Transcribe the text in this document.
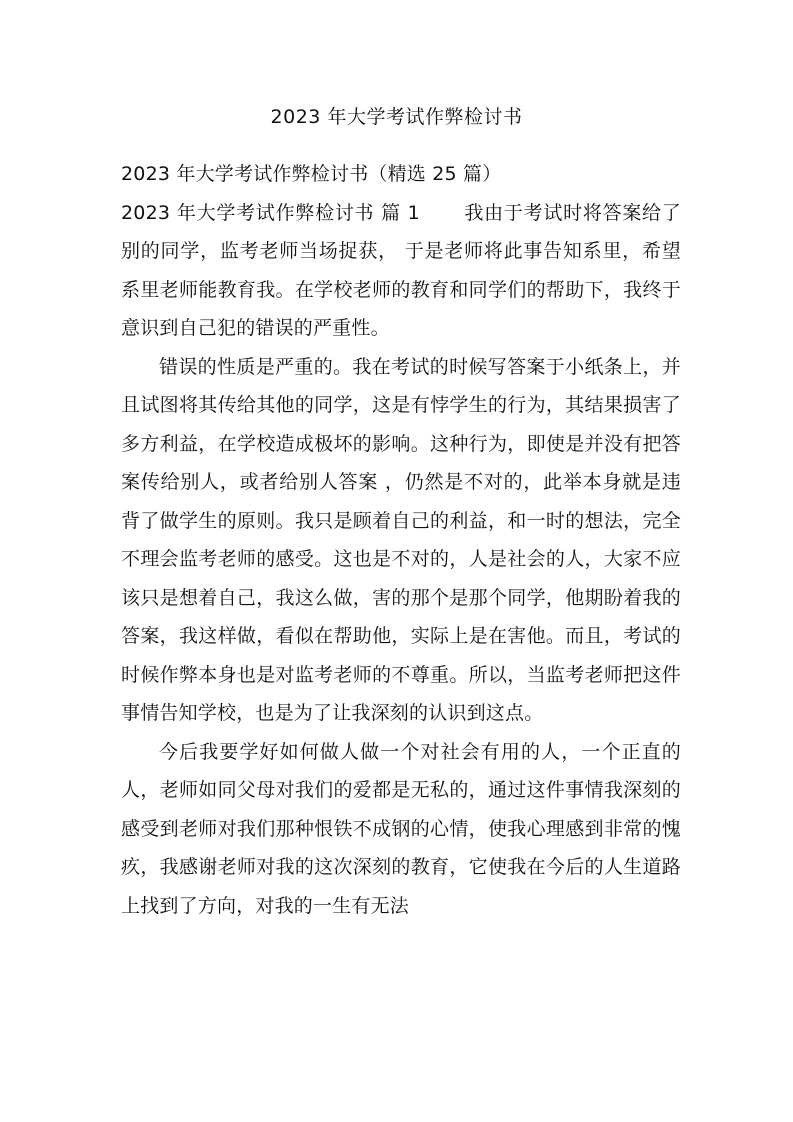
2023 年大学考试作弊检讨书

2023 年大学考试作弊检讨书（精选 25 篇）

2023 年大学考试作弊检讨书 篇 1 我由于考试时将答案给了别的同学，监考老师当场捉获， 于是老师将此事告知系里，希望系里老师能教育我。在学校老师的教育和同学们的帮助下，我终于意识到自己犯的错误的严重性。

错误的性质是严重的。我在考试的时候写答案于小纸条上，并且试图将其传给其他的同学，这是有悖学生的行为，其结果损害了多方利益，在学校造成极坏的影响。这种行为，即使是并没有把答案传给别人，或者给别人答案 ，仍然是不对的，此举本身就是违背了做学生的原则。我只是顾着自己的利益，和一时的想法，完全不理会监考老师的感受。这也是不对的，人是社会的人，大家不应该只是想着自己，我这么做，害的那个是那个同学，他期盼着我的答案，我这样做，看似在帮助他，实际上是在害他。而且，考试的时候作弊本身也是对监考老师的不尊重。所以，当监考老师把这件事情告知学校，也是为了让我深刻的认识到这点。

今后我要学好如何做人做一个对社会有用的人，一个正直的人，老师如同父母对我们的爱都是无私的，通过这件事情我深刻的感受到老师对我们那种恨铁不成钢的心情，使我心理感到非常的愧疚，我感谢老师对我的这次深刻的教育，它使我在今后的人生道路上找到了方向，对我的一生有无法
